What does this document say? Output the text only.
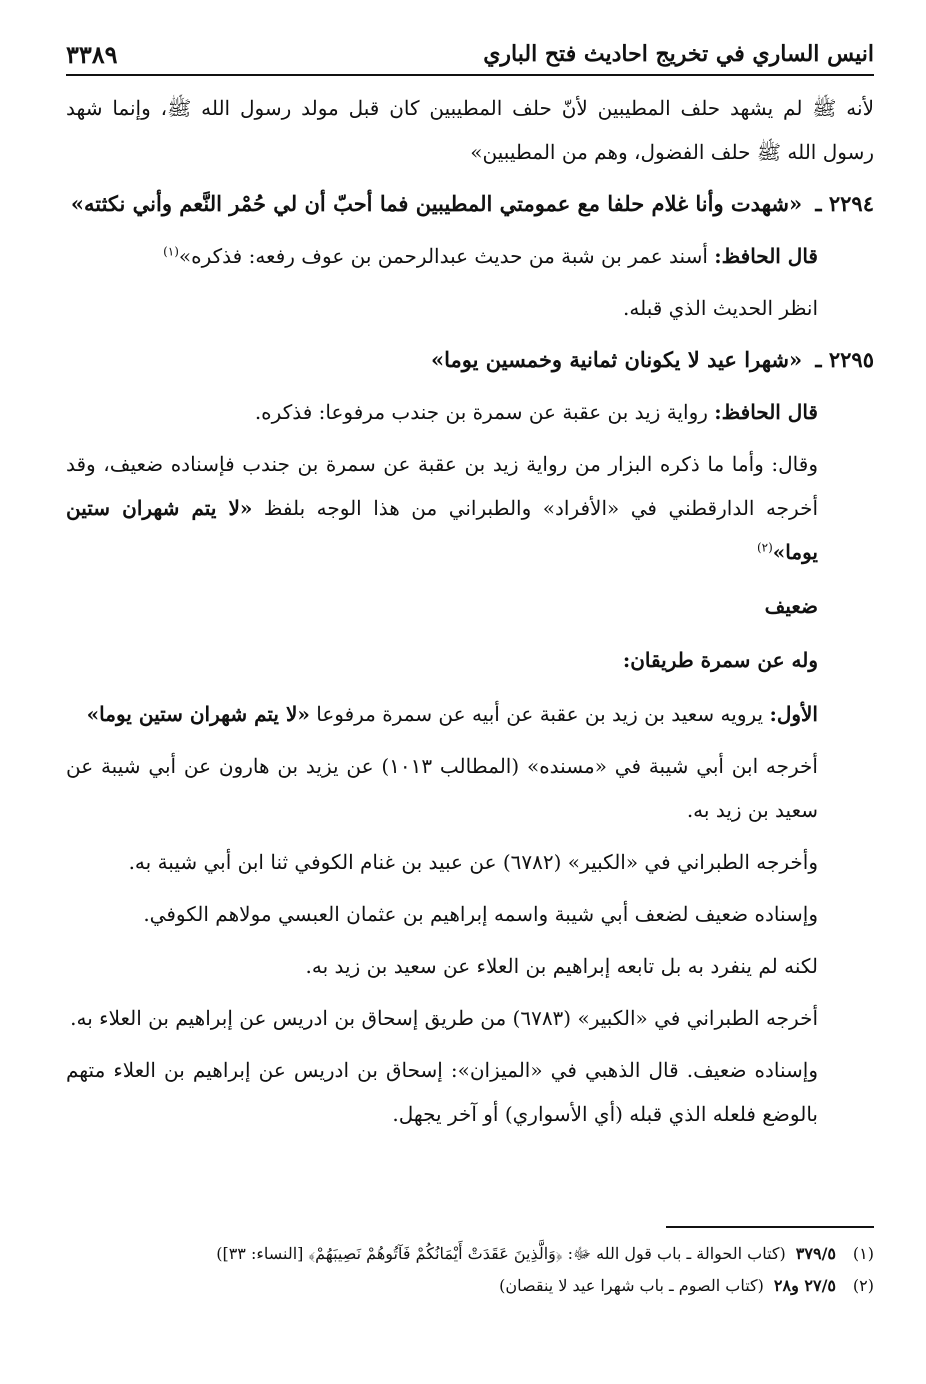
انيس الساري في تخريج احاديث فتح الباري
٣٣٨٩

لأنه ﷺ لم يشهد حلف المطيبين لأنّ حلف المطيبين كان قبل مولد رسول الله ﷺ، وإنما شهد رسول الله ﷺ حلف الفضول، وهم من المطيبين»

٢٢٩٤ ـ «شهدت وأنا غلام حلفا مع عمومتي المطيبين فما أحبّ أن لي حُمْر النَّعم وأني نكثته»

قال الحافظ: أسند عمر بن شبة من حديث عبدالرحمن بن عوف رفعه: فذكره»$^{(١)}$

انظر الحديث الذي قبله.

٢٢٩٥ ـ «شهرا عيد لا يكونان ثمانية وخمسين يوما»

قال الحافظ: رواية زيد بن عقبة عن سمرة بن جندب مرفوعا: فذكره.

وقال: وأما ما ذكره البزار من رواية زيد بن عقبة عن سمرة بن جندب فإسناده ضعيف، وقد أخرجه الدارقطني في «الأفراد» والطبراني من هذا الوجه بلفظ «لا يتم شهران ستين يوما»$^{(٢)}$

ضعيف

وله عن سمرة طريقان:

الأول: يرويه سعيد بن زيد بن عقبة عن أبيه عن سمرة مرفوعا «لا يتم شهران ستين يوما»

أخرجه ابن أبي شيبة في «مسنده» (المطالب ١٠١٣) عن يزيد بن هارون عن أبي شيبة عن سعيد بن زيد به.

وأخرجه الطبراني في «الكبير» (٦٧٨٢) عن عبيد بن غنام الكوفي ثنا ابن أبي شيبة به.

وإسناده ضعيف لضعف أبي شيبة واسمه إبراهيم بن عثمان العبسي مولاهم الكوفي.

لكنه لم ينفرد به بل تابعه إبراهيم بن العلاء عن سعيد بن زيد به.

أخرجه الطبراني في «الكبير» (٦٧٨٣) من طريق إسحاق بن ادريس عن إبراهيم بن العلاء به.

وإسناده ضعيف. قال الذهبي في «الميزان»: إسحاق بن ادريس عن إبراهيم بن العلاء متهم بالوضع فلعله الذي قبله (أي الأسواري) أو آخر يجهل.

(١)
٣٧٩/٥
(كتاب الحوالة ـ باب قول الله ﷻ: ﴿وَالَّذِينَ عَقَدَتْ أَيْمَانُكُمْ فَآتُوهُمْ نَصِيبَهُمْ﴾ [النساء: ٣٣])
(٢)
٢٧/٥ و٢٨
(كتاب الصوم ـ باب شهرا عيد لا ينقصان)
